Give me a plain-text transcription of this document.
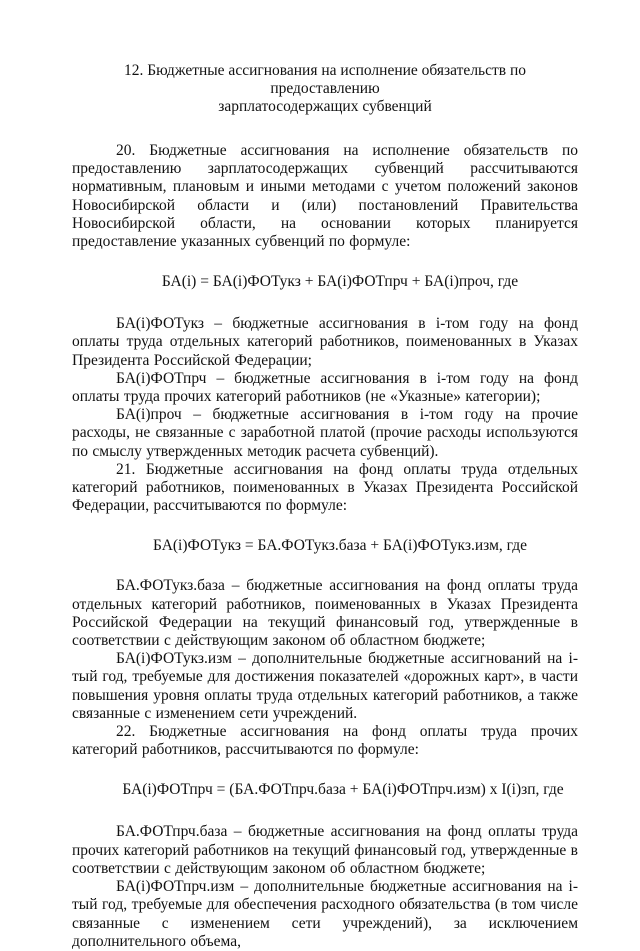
12. Бюджетные ассигнования на исполнение обязательств по предоставлению
зарплатосодержащих субвенций

20. Бюджетные ассигнования на исполнение обязательств по предоставлению зарплатосодержащих субвенций рассчитываются нормативным, плановым и иными методами с учетом положений законов Новосибирской области и (или) постановлений Правительства Новосибирской области, на основании которых планируется предоставление указанных субвенций по формуле:

БА(i) = БА(i)ФОТукз + БА(i)ФОТпрч + БА(i)проч, где

БА(i)ФОТукз – бюджетные ассигнования в i-том году на фонд оплаты труда отдельных категорий работников, поименованных в Указах Президента Российской Федерации;

БА(i)ФОТпрч – бюджетные ассигнования в i-том году на фонд оплаты труда прочих категорий работников (не «Указные» категории);

БА(i)проч – бюджетные ассигнования в i-том году на прочие расходы, не связанные с заработной платой (прочие расходы используются по смыслу утвержденных методик расчета субвенций).

21. Бюджетные ассигнования на фонд оплаты труда отдельных категорий работников, поименованных в Указах Президента Российской Федерации, рассчитываются по формуле:

БА(i)ФОТукз = БА.ФОТукз.база + БА(i)ФОТукз.изм, где

БА.ФОТукз.база – бюджетные ассигнования на фонд оплаты труда отдельных категорий работников, поименованных в Указах Президента Российской Федерации на текущий финансовый год, утвержденные в соответствии с действующим законом об областном бюджете;

БА(i)ФОТукз.изм – дополнительные бюджетные ассигнований на i-тый год, требуемые для достижения показателей «дорожных карт», в части повышения уровня оплаты труда отдельных категорий работников, а также связанные с изменением сети учреждений.

22. Бюджетные ассигнования на фонд оплаты труда прочих категорий работников, рассчитываются по формуле:

БА(i)ФОТпрч = (БА.ФОТпрч.база + БА(i)ФОТпрч.изм) x I(i)зп, где

БА.ФОТпрч.база – бюджетные ассигнования на фонд оплаты труда прочих категорий работников на текущий финансовый год, утвержденные в соответствии с действующим законом об областном бюджете;

БА(i)ФОТпрч.изм – дополнительные бюджетные ассигнования на i-тый год, требуемые для обеспечения расходного обязательства (в том числе связанные с изменением сети учреждений), за исключением дополнительного объема,
